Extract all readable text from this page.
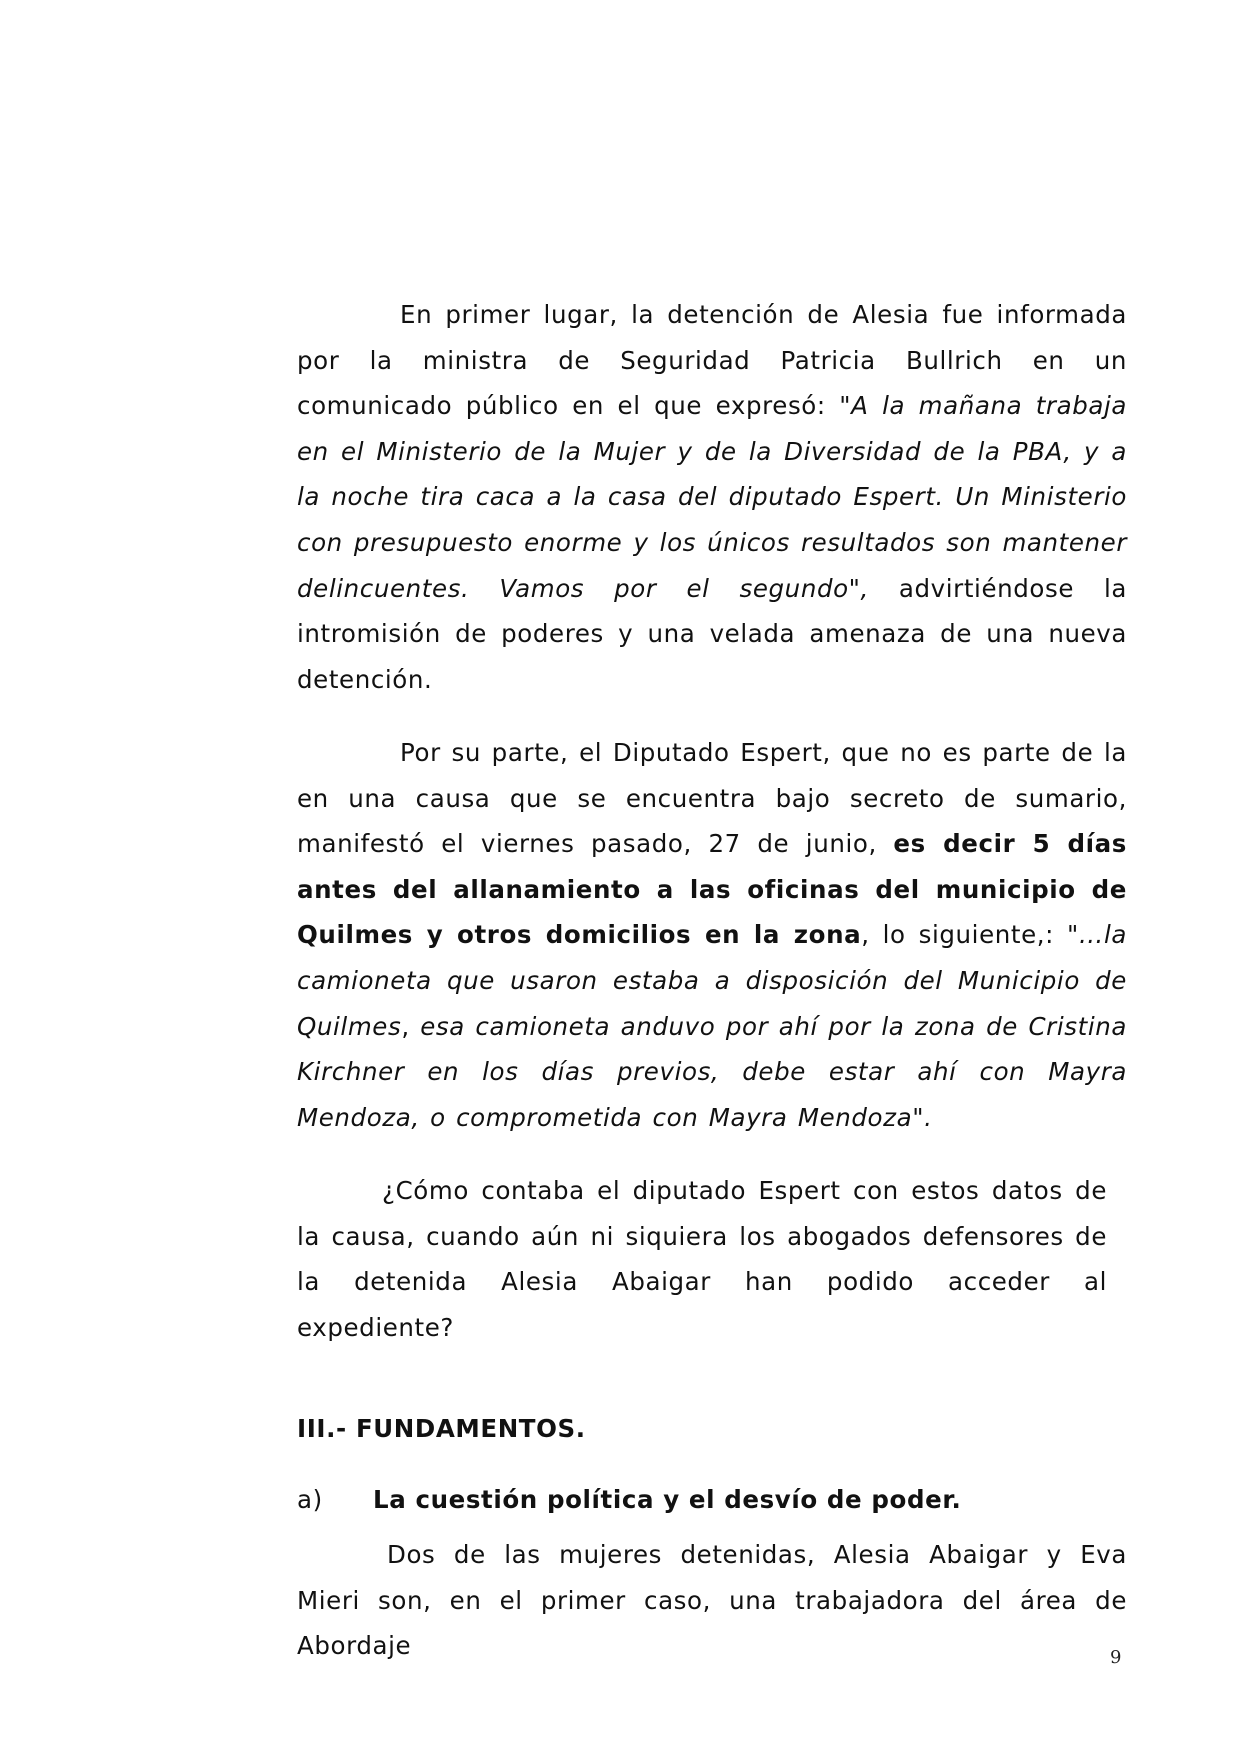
En primer lugar, la detención de Alesia fue informada por la ministra de Seguridad Patricia Bullrich en un comunicado público en el que expresó: "A la mañana trabaja en el Ministerio de la Mujer y de la Diversidad de la PBA, y a la noche tira caca a la casa del diputado Espert. Un Ministerio con presupuesto enorme y los únicos resultados son mantener delincuentes. Vamos por el segundo", advirtiéndose la intromisión de poderes y una velada amenaza de una nueva detención.

Por su parte, el Diputado Espert, que no es parte de la en una causa que se encuentra bajo secreto de sumario, manifestó el viernes pasado, 27 de junio, es decir 5 días antes del allanamiento a las oficinas del municipio de Quilmes y otros domicilios en la zona, lo siguiente,: "…la camioneta que usaron estaba a disposición del Municipio de Quilmes, esa camioneta anduvo por ahí por la zona de Cristina Kirchner en los días previos, debe estar ahí con Mayra Mendoza, o comprometida con Mayra Mendoza".

¿Cómo contaba el diputado Espert con estos datos de la causa, cuando aún ni siquiera los abogados defensores de la detenida Alesia Abaigar han podido acceder al expediente?

III.- FUNDAMENTOS.
a) La cuestión política y el desvío de poder.

Dos de las mujeres detenidas, Alesia Abaigar y Eva Mieri son, en el primer caso, una trabajadora del área de Abordaje	9
